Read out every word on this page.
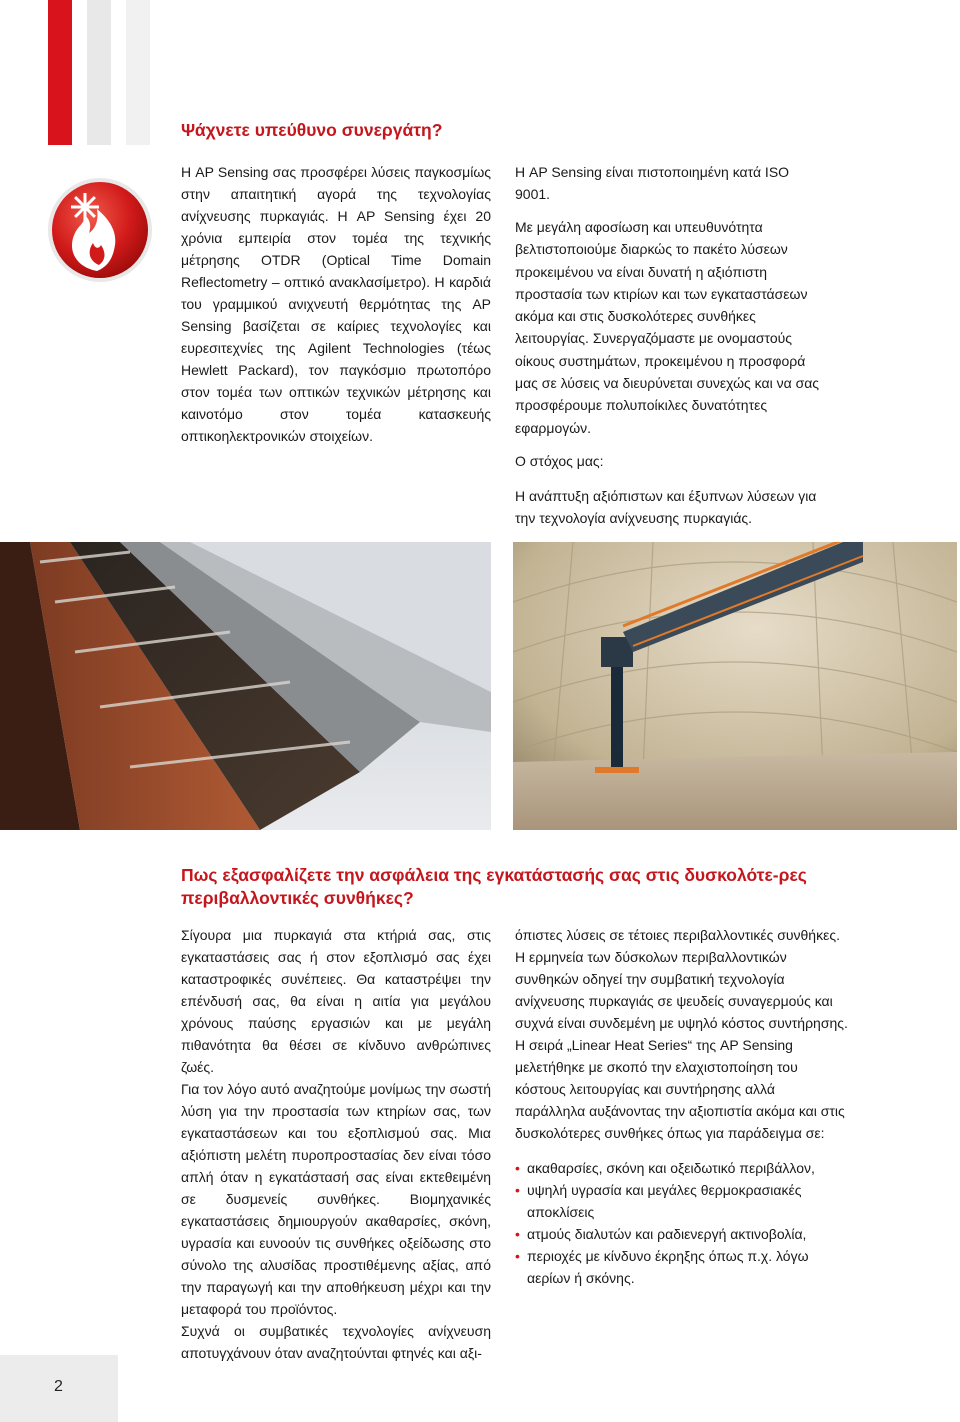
Ψάχνετε υπεύθυνο συνεργάτη?

Η AP Sensing σας προσφέρει λύσεις παγκοσμίως στην απαιτητική αγορά της τεχνολογίας ανίχνευσης πυρκαγιάς. Η AP Sensing έχει 20 χρόνια εμπειρία στον τομέα της τεχνικής μέτρησης OTDR (Optical Time Domain Reflectometry – οπτικό ανακλασίμετρο). Η καρδιά του γραμμικού ανιχνευτή θερμότητας της AP Sensing βασίζεται σε καίριες τεχνολογίες και ευρεσιτεχνίες της Agilent Technologies (τέως Hewlett Packard), τον παγκόσμιο πρωτοπόρο στον τομέα των οπτικών τεχνικών μέτρησης και καινοτόμο στον τομέα κατασκευής οπτικοηλεκτρονικών στοιχείων.

Η AP Sensing είναι πιστοποιημένη κατά ISO 9001.

Με μεγάλη αφοσίωση και υπευθυνότητα βελτιστοποιούμε διαρκώς το πακέτο λύσεων προκειμένου να είναι δυνατή η αξιόπιστη προστασία των κτιρίων και των εγκαταστάσεων ακόμα και στις δυσκολότερες συνθήκες λειτουργίας. Συνεργαζόμαστε με ονομαστούς οίκους συστημάτων, προκειμένου η προσφορά μας σε λύσεις να διευρύνεται συνεχώς και να σας προσφέρουμε πολυποίκιλες δυνατότητες εφαρμογών.

Ο στόχος μας:

Η ανάπτυξη αξιόπιστων και έξυπνων λύσεων για την τεχνολογία ανίχνευσης πυρκαγιάς.

Πως εξασφαλίζετε την ασφάλεια της εγκατάστασής σας στις δυσκολότε-ρες περιβαλλοντικές συνθήκες?

Σίγουρα μια πυρκαγιά στα κτήριά σας, στις εγκαταστάσεις σας ή στον εξοπλισμό σας έχει καταστροφικές συνέπειες. Θα καταστρέψει την επένδυσή σας, θα είναι η αιτία για μεγάλου χρόνους παύσης εργασιών και με μεγάλη πιθανότητα θα θέσει σε κίνδυνο ανθρώπινες ζωές.

Για τον λόγο αυτό αναζητούμε μονίμως την σωστή λύση για την προστασία των κτηρίων σας, των εγκαταστάσεων και του εξοπλισμού σας. Μια αξιόπιστη μελέτη πυροπροστασίας δεν είναι τόσο απλή όταν η εγκατάστασή σας είναι εκτεθειμένη σε δυσμενείς συνθήκες. Βιομηχανικές εγκαταστάσεις δημιουργούν ακαθαρσίες, σκόνη, υγρασία και ευνοούν τις συνθήκες οξείδωσης στο σύνολο της αλυσίδας προστιθέμενης αξίας, από την παραγωγή και την αποθήκευση μέχρι και την μεταφορά του προϊόντος.

Συχνά οι συμβατικές τεχνολογίες ανίχνευση αποτυγχάνουν όταν αναζητούνται φτηνές και αξι-

όπιστες λύσεις σε τέτοιες περιβαλλοντικές συνθήκες. Η ερμηνεία των δύσκολων περιβαλλοντικών συνθηκών οδηγεί την συμβατική τεχνολογία ανίχνευσης πυρκαγιάς σε ψευδείς συναγερμούς και συχνά είναι συνδεμένη με υψηλό κόστος συντήρησης.

Η σειρά „Linear Heat Series“ της AP Sensing μελετήθηκε με σκοπό την ελαχιστοποίηση του κόστους λειτουργίας και συντήρησης αλλά παράλληλα αυξάνοντας την αξιοπιστία ακόμα και στις δυσκολότερες συνθήκες όπως για παράδειγμα σε:

• ακαθαρσίες, σκόνη και οξειδωτικό περιβάλλον,
• υψηλή υγρασία και μεγάλες θερμοκρασιακές αποκλίσεις
• ατμούς διαλυτών και ραδιενεργή ακτινοβολία,
• περιοχές με κίνδυνο έκρηξης όπως π.χ. λόγω αερίων ή σκόνης.
2
